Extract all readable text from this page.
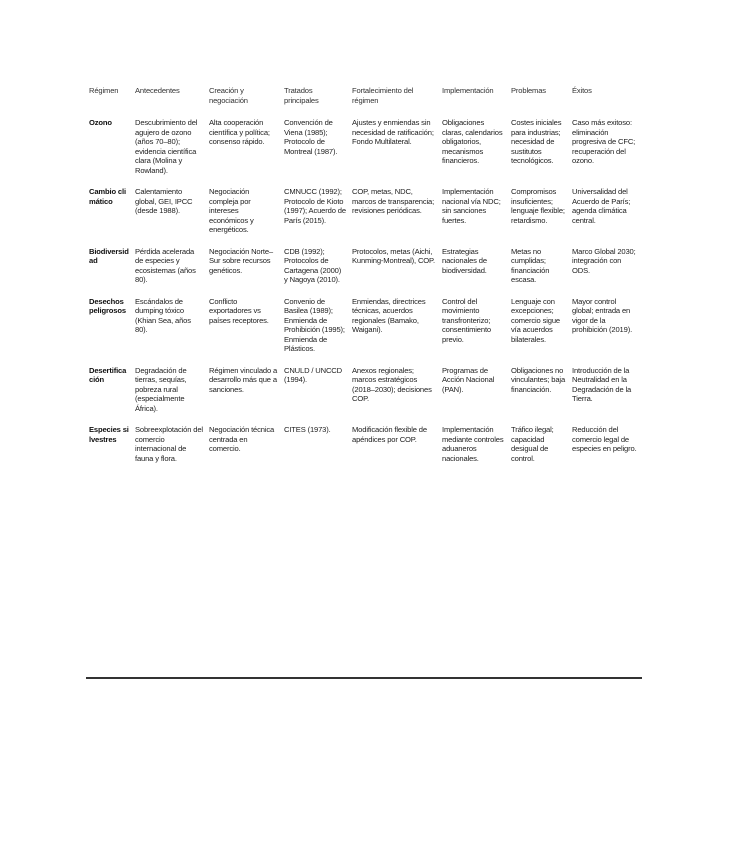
Régimen	Antecedentes	Creación y negociación	Tratados principales	Fortalecimiento del régimen	Implementación	Problemas	Éxitos
Ozono	Descubrimiento del agujero de ozono (años 70–80); evidencia científica clara (Molina y Rowland).	Alta cooperación científica y política; consenso rápido.	Convención de Viena (1985); Protocolo de Montreal (1987).	Ajustes y enmiendas sin necesidad de ratificación; Fondo Multilateral.	Obligaciones claras, calendarios obligatorios, mecanismos financieros.	Costes iniciales para industrias; necesidad de sustitutos tecnológicos.	Caso más exitoso: eliminación progresiva de CFC; recuperación del ozono.
Cambio climático	Calentamiento global, GEI, IPCC (desde 1988).	Negociación compleja por intereses económicos y energéticos.	CMNUCC (1992); Protocolo de Kioto (1997); Acuerdo de París (2015).	COP, metas, NDC, marcos de transparencia; revisiones periódicas.	Implementación nacional vía NDC; sin sanciones fuertes.	Compromisos insuficientes; lenguaje flexible; retardismo.	Universalidad del Acuerdo de París; agenda climática central.
Biodiversidad	Pérdida acelerada de especies y ecosistemas (años 80).	Negociación Norte–Sur sobre recursos genéticos.	CDB (1992); Protocolos de Cartagena (2000) y Nagoya (2010).	Protocolos, metas (Aichi, Kunming-Montreal), COP.	Estrategias nacionales de biodiversidad.	Metas no cumplidas; financiación escasa.	Marco Global 2030; integración con ODS.
Desechos peligrosos	Escándalos de dumping tóxico (Khian Sea, años 80).	Conflicto exportadores vs países receptores.	Convenio de Basilea (1989); Enmienda de Prohibición (1995); Enmienda de Plásticos.	Enmiendas, directrices técnicas, acuerdos regionales (Bamako, Waigani).	Control del movimiento transfronterizo; consentimiento previo.	Lenguaje con excepciones; comercio sigue vía acuerdos bilaterales.	Mayor control global; entrada en vigor de la prohibición (2019).
Desertificación	Degradación de tierras, sequías, pobreza rural (especialmente África).	Régimen vinculado a desarrollo más que a sanciones.	CNULD / UNCCD (1994).	Anexos regionales; marcos estratégicos (2018–2030); decisiones COP.	Programas de Acción Nacional (PAN).	Obligaciones no vinculantes; baja financiación.	Introducción de la Neutralidad en la Degradación de la Tierra.
Especies silvestres	Sobreexplotación del comercio internacional de fauna y flora.	Negociación técnica centrada en comercio.	CITES (1973).	Modificación flexible de apéndices por COP.	Implementación mediante controles aduaneros nacionales.	Tráfico ilegal; capacidad desigual de control.	Reducción del comercio legal de especies en peligro.
